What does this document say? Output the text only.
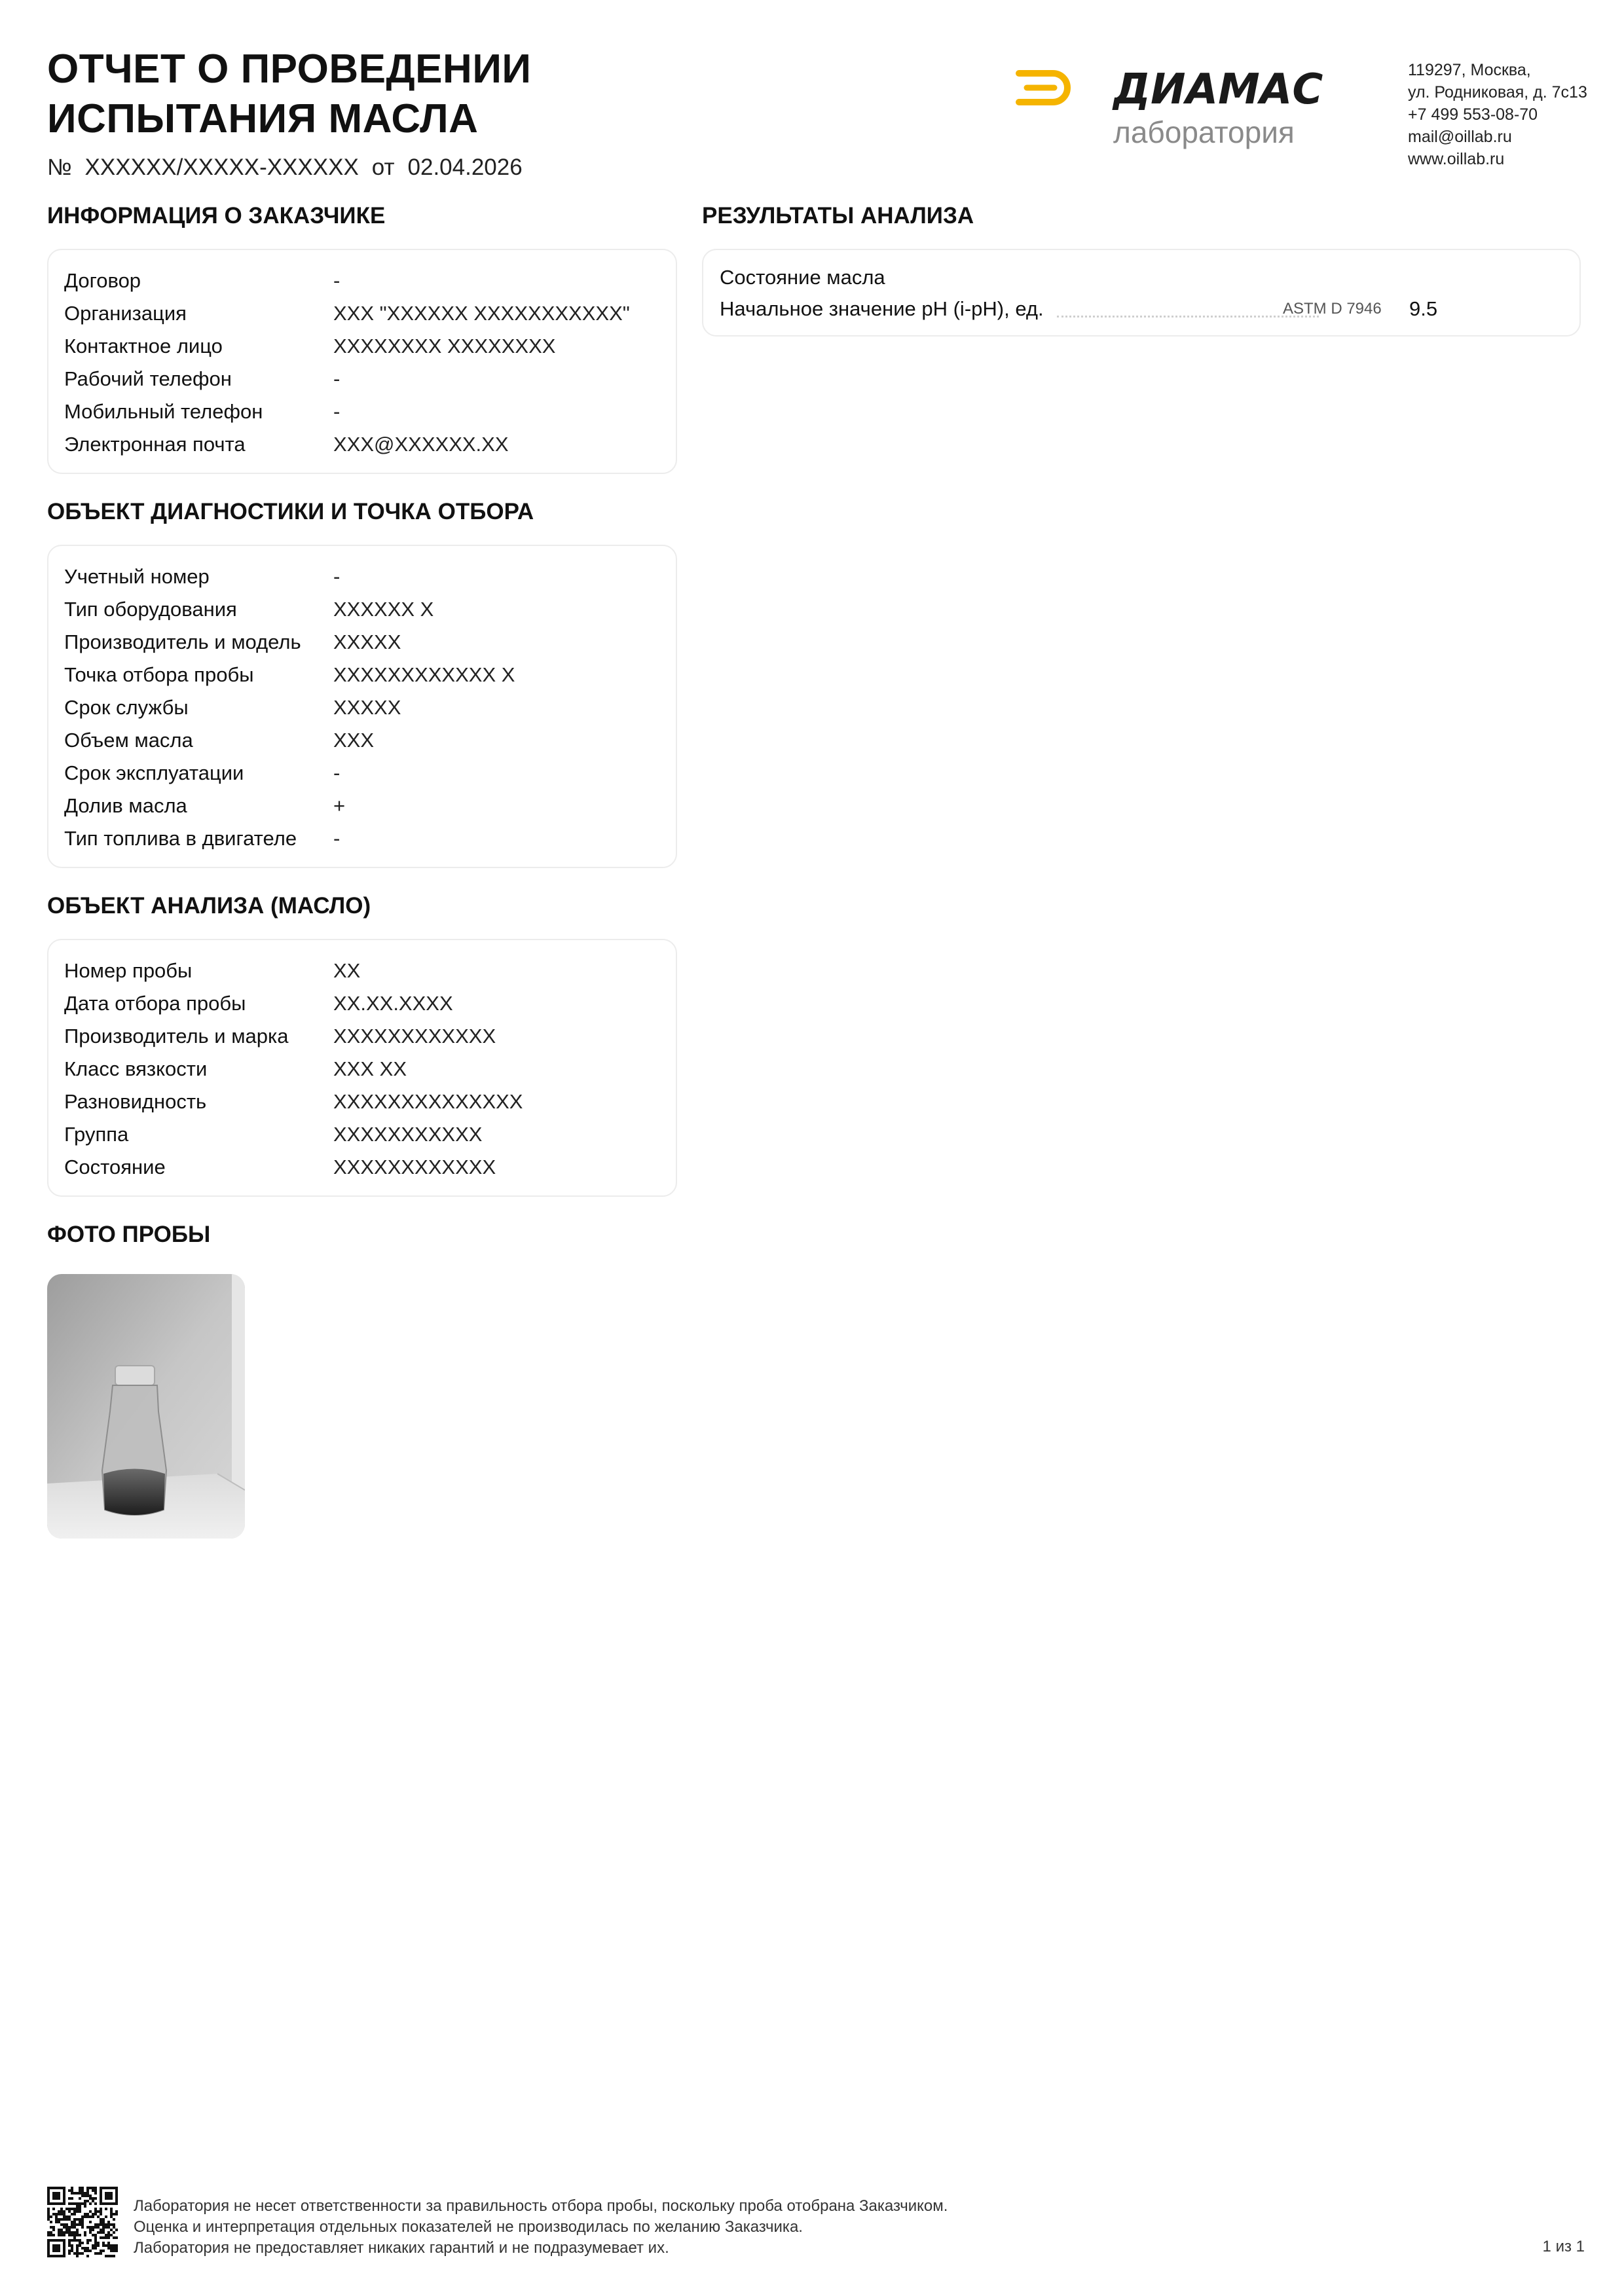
ОТЧЕТ О ПРОВЕДЕНИИ
ИСПЫТАНИЯ МАСЛА
№ XXXXXX/XXXXX-XXXXXX от 02.04.2026
ДИАМАС
лаборатория
119297, Москва,
ул. Родниковая, д. 7с13
+7 499 553-08-70
mail@oillab.ru
www.oillab.ru
ИНФОРМАЦИЯ О ЗАКАЗЧИКЕ
Договор	-
Организация	XXX "XXXXXX XXXXXXXXXXX"
Контактное лицо	XXXXXXXX XXXXXXXX
Рабочий телефон	-
Мобильный телефон	-
Электронная почта	XXX@XXXXXX.XX
ОБЪЕКТ ДИАГНОСТИКИ И ТОЧКА ОТБОРА
Учетный номер	-
Тип оборудования	XXXXXX X
Производитель и модель XXXXX
Точка отбора пробы	XXXXXXXXXXXX X
Срок службы	XXXXX
Объем масла	XXX
Срок эксплуатации	-
Долив масла	+
Тип топлива в двигателе -
ОБЪЕКТ АНАЛИЗА (МАСЛО)
Номер пробы	XX
Дата отбора пробы	XX.XX.XXXX
Производитель и марка XXXXXXXXXXXX
Класс вязкости	XXX XX
Разновидность	XXXXXXXXXXXXXX
Группа	XXXXXXXXXXX
Состояние	XXXXXXXXXXXX
ФОТО ПРОБЫ
РЕЗУЛЬТАТЫ АНАЛИЗА
Состояние масла
Начальное значение pH (i-pH), ед.	ASTM D 7946 9.5
Лаборатория не несет ответственности за правильность отбора пробы, поскольку проба отобрана Заказчиком.
Оценка и интерпретация отдельных показателей не производилась по желанию Заказчика.
Лаборатория не предоставляет никаких гарантий и не подразумевает их.	1 из 1
